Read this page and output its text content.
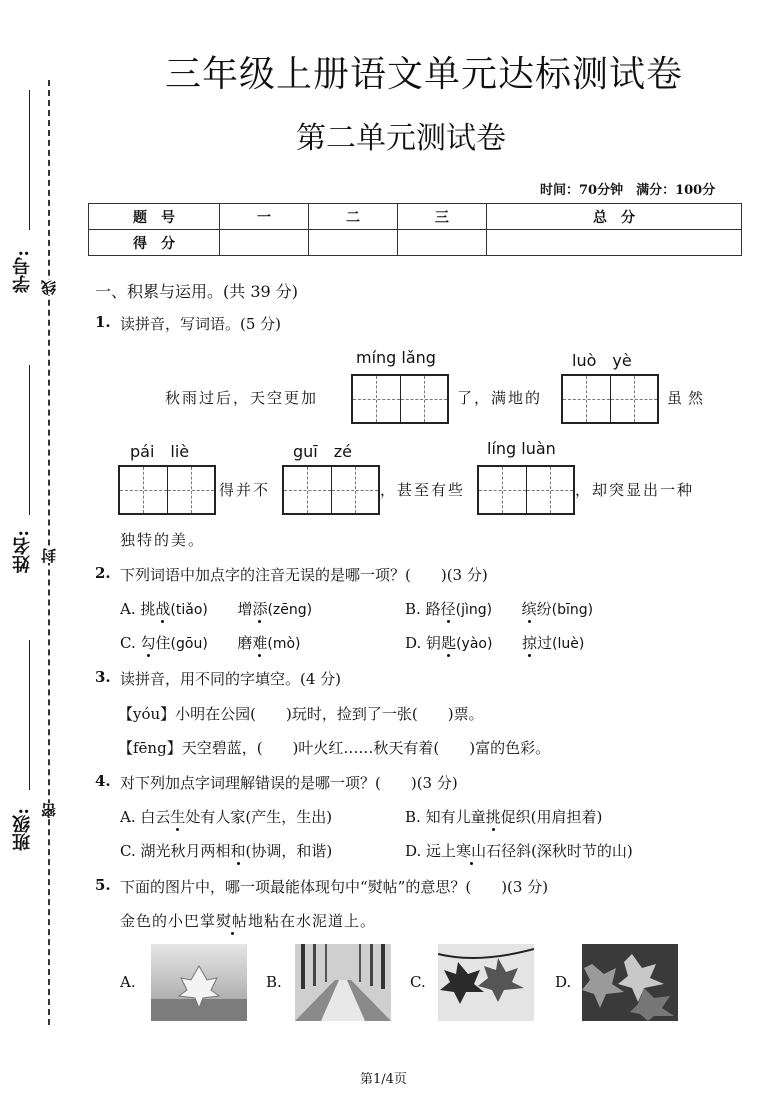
学号:
姓名:
班级:
线
封
密
三年级上册语文单元达标测试卷
第二单元测试卷
时间：70分钟　满分：100分
题　号	一	二	三	总　分
得　分				
一、积累与运用。(共 39 分)
1. 读拼音，写词语。(5 分)
míng lǎng	luò　yè
秋雨过后，天空更加	了，满地的	虽然
pái　liè	guī　zé	líng luàn
得并不	，甚至有些	，却突显出一种
独特的美。
2. 下列词语中加点字的注音无误的是哪一项？(　　)(3 分)
A. 挑战(tiǎo) 增添(zēng)	B. 路径(jìng) 缤纷(bīng)
C. 勾住(gōu) 磨难(mò)	D. 钥匙(yào) 掠过(luè)
3. 读拼音，用不同的字填空。(4 分)
【yóu】小明在公园(　　)玩时，捡到了一张(　　)票。
【fēng】天空碧蓝，(　　)叶火红……秋天有着(　　)富的色彩。
4. 对下列加点字词理解错误的是哪一项？(　　)(3 分)
A. 白云生处有人家(产生，生出)	B. 知有儿童挑促织(用肩担着)
C. 湖光秋月两相和(协调，和谐)	D. 远上寒山石径斜(深秋时节的山)
5. 下面的图片中，哪一项最能体现句中“熨帖”的意思？(　　)(3 分)
金色的小巴掌熨帖地粘在水泥道上。
A.	B.	C.	D.
第1/4页
